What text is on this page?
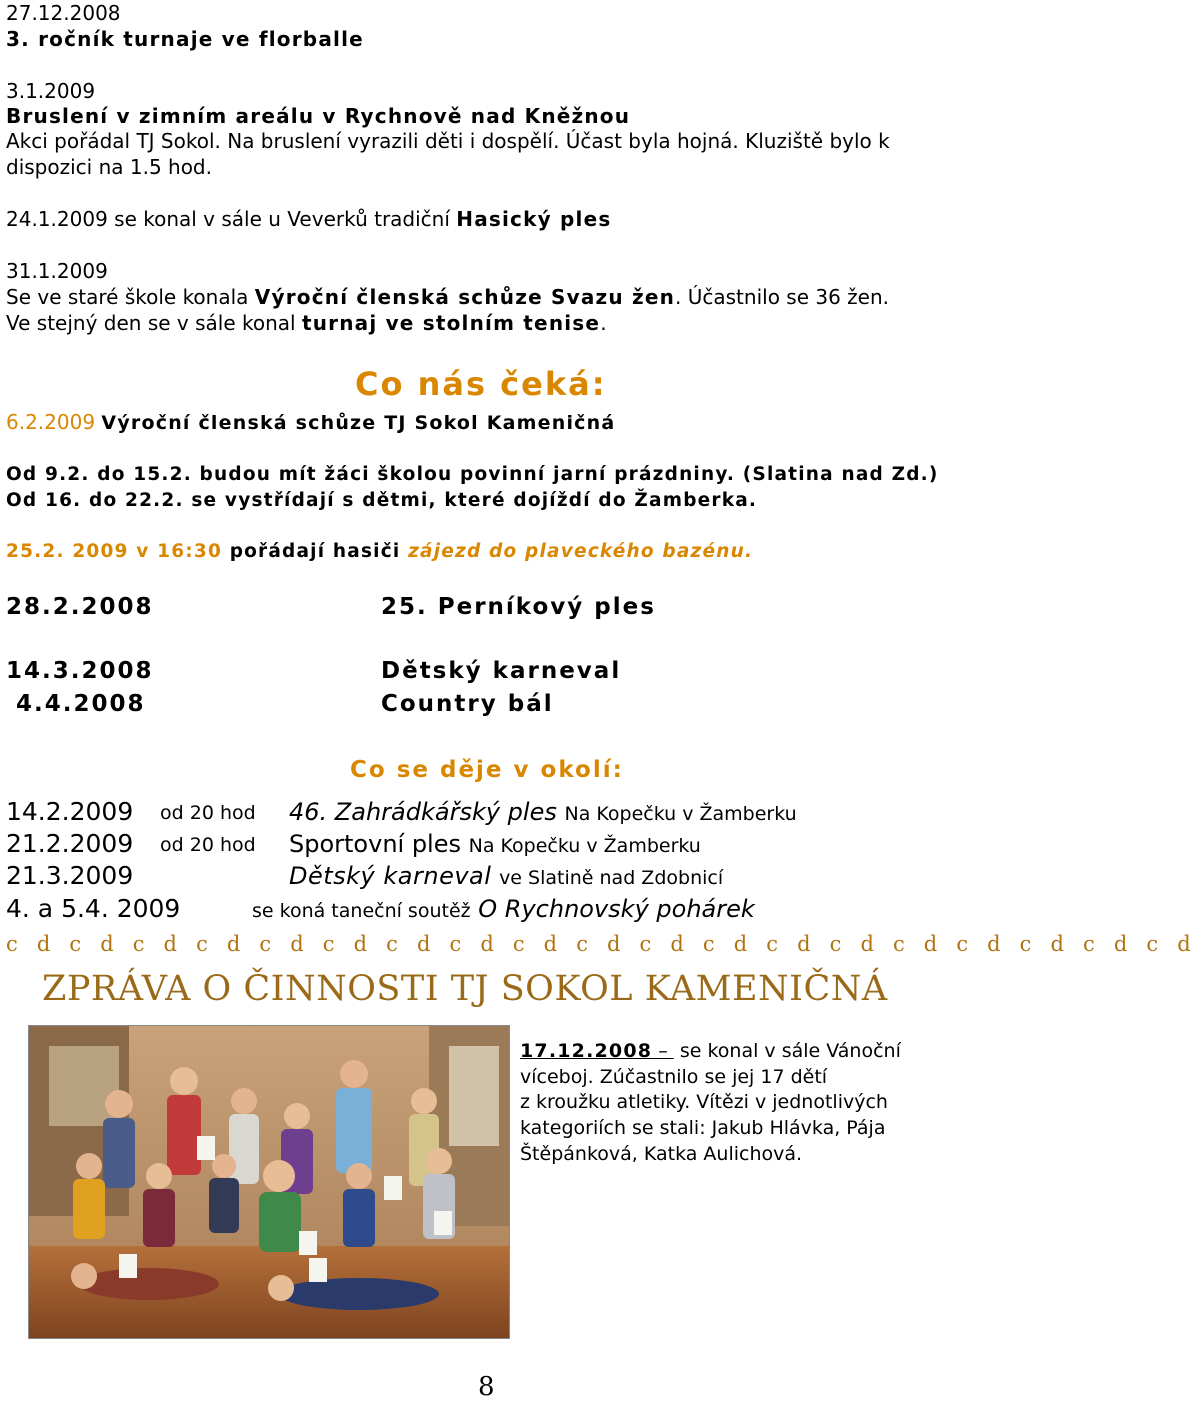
27.12.2008
3. ročník turnaje ve florballe
3.1.2009
Bruslení v zimním areálu v Rychnově nad Kněžnou
Akci pořádal TJ Sokol. Na bruslení vyrazili děti i dospělí. Účast byla hojná. Kluziště bylo k
dispozici na 1.5 hod.
24.1.2009 se konal v sále u Veverků tradiční Hasický ples
31.1.2009
Se ve staré škole konala Výroční členská schůze Svazu žen. Účastnilo se 36 žen.
Ve stejný den se v sále konal turnaj ve stolním tenise.
Co nás čeká:
6.2.2009 Výroční členská schůze TJ Sokol Kameničná
Od 9.2. do 15.2. budou mít žáci školou povinní jarní prázdniny. (Slatina nad Zd.)
Od 16. do 22.2. se vystřídají s dětmi, které dojíždí do Žamberka.
25.2. 2009 v 16:30 pořádají hasiči zájezd do plaveckého bazénu.
28.2.2008	25. Perníkový ples
14.3.2008	Dětský karneval
4.4.2008	Country bál
Co se děje v okolí:
14.2.2009 od 20 hod 46. Zahrádkářský ples Na Kopečku v Žamberku
21.2.2009 od 20 hod Sportovní ples Na Kopečku v Žamberku
21.3.2009	Dětský karneval ve Slatině nad Zdobnicí
4. a 5.4. 2009	se koná taneční soutěž O Rychnovský pohárek
c d c d c d c d c d c d c d c d c d c d c d c d c d c d c d c d c d c d c d
ZPRÁVA O ČINNOSTI TJ SOKOL KAMENIČNÁ
17.12.2008 –  se konal v sále Vánoční
víceboj. Zúčastnilo se jej 17 dětí
z kroužku atletiky. Vítězi v jednotlivých
kategoriích se stali: Jakub Hlávka, Pája
Štěpánková, Katka Aulichová.
8
